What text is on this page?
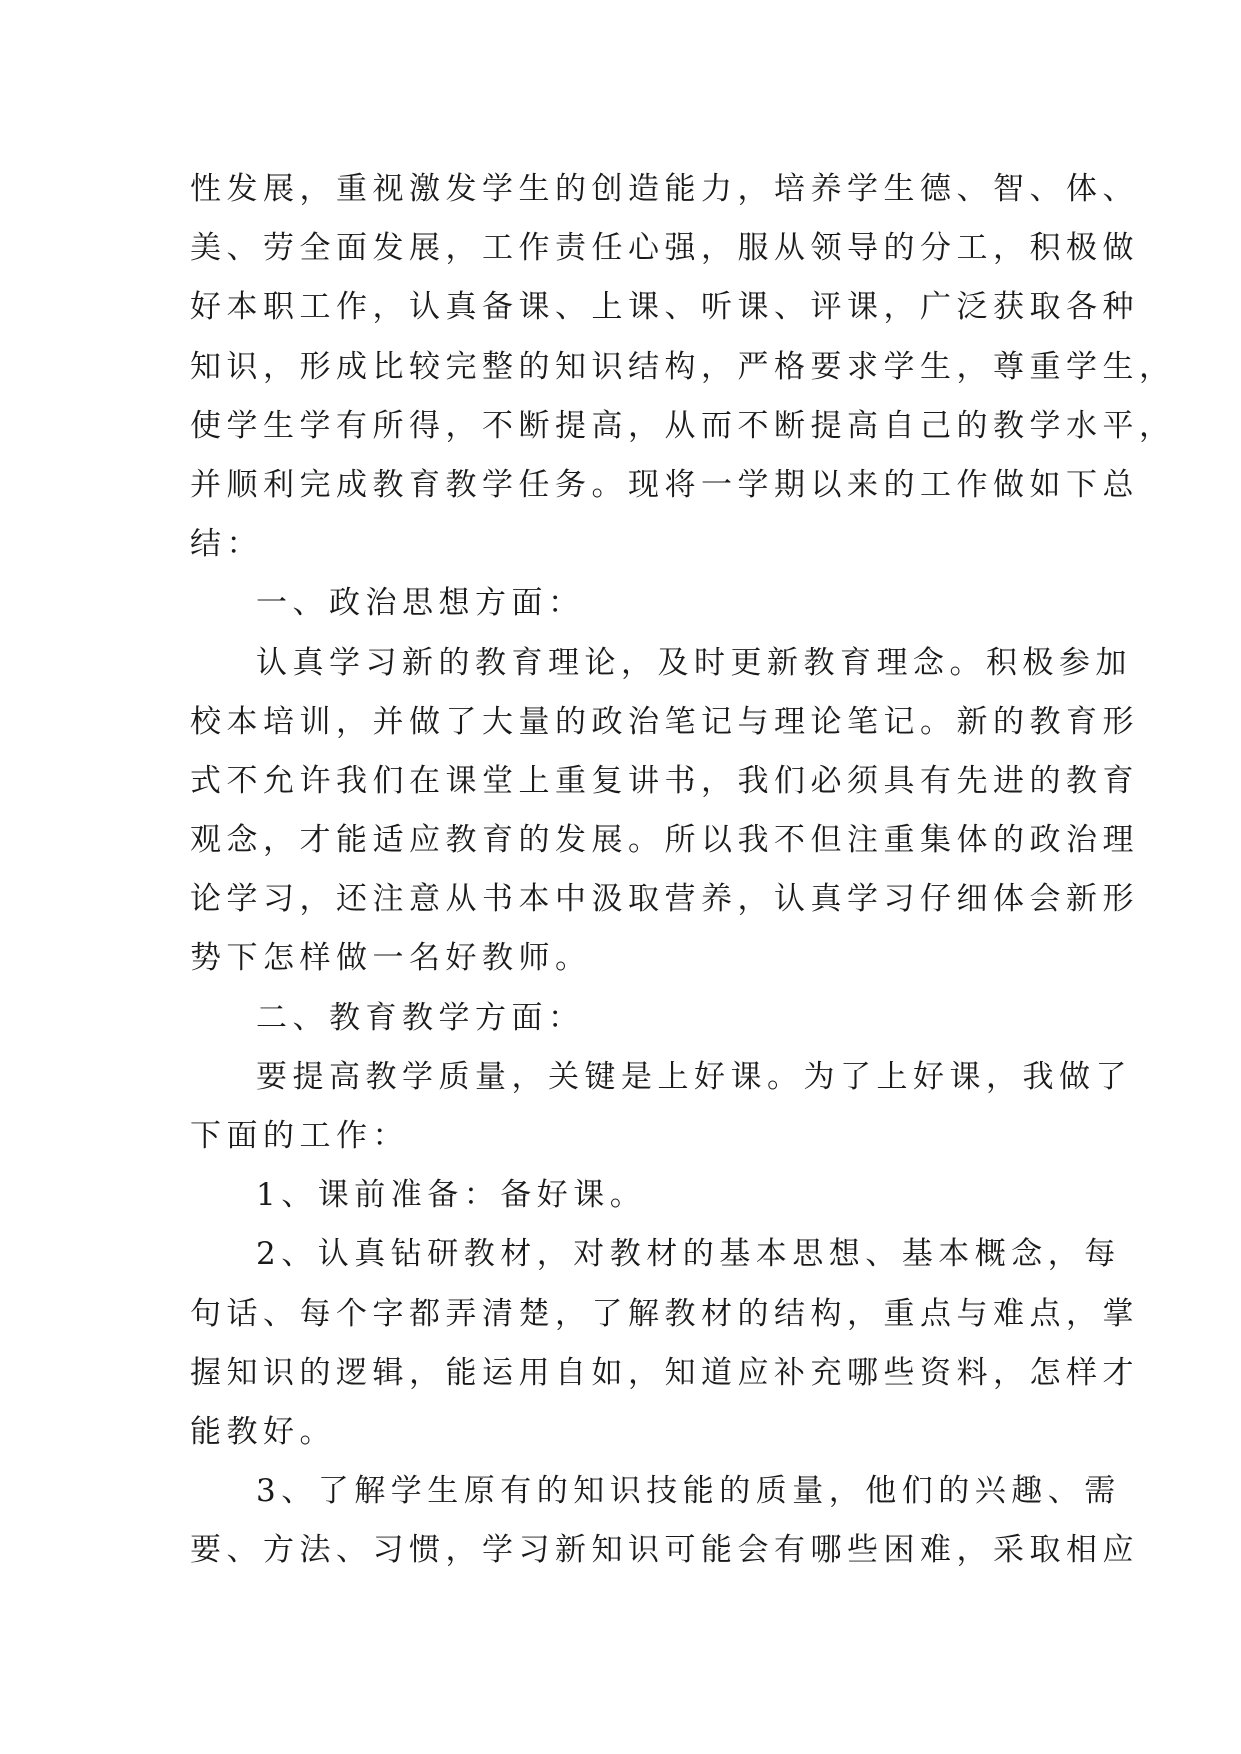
性发展，重视激发学生的创造能力，培养学生德、智、体、
美、劳全面发展，工作责任心强，服从领导的分工，积极做
好本职工作，认真备课、上课、听课、评课，广泛获取各种
知识，形成比较完整的知识结构，严格要求学生，尊重学生，
使学生学有所得，不断提高，从而不断提高自己的教学水平，
并顺利完成教育教学任务。现将一学期以来的工作做如下总
结：
一、政治思想方面：
认真学习新的教育理论，及时更新教育理念。积极参加
校本培训，并做了大量的政治笔记与理论笔记。新的教育形
式不允许我们在课堂上重复讲书，我们必须具有先进的教育
观念，才能适应教育的发展。所以我不但注重集体的政治理
论学习，还注意从书本中汲取营养，认真学习仔细体会新形
势下怎样做一名好教师。
二、教育教学方面：
要提高教学质量，关键是上好课。为了上好课，我做了
下面的工作：
1、课前准备：备好课。
2、认真钻研教材，对教材的基本思想、基本概念，每
句话、每个字都弄清楚，了解教材的结构，重点与难点，掌
握知识的逻辑，能运用自如，知道应补充哪些资料，怎样才
能教好。
3、了解学生原有的知识技能的质量，他们的兴趣、需
要、方法、习惯，学习新知识可能会有哪些困难，采取相应
